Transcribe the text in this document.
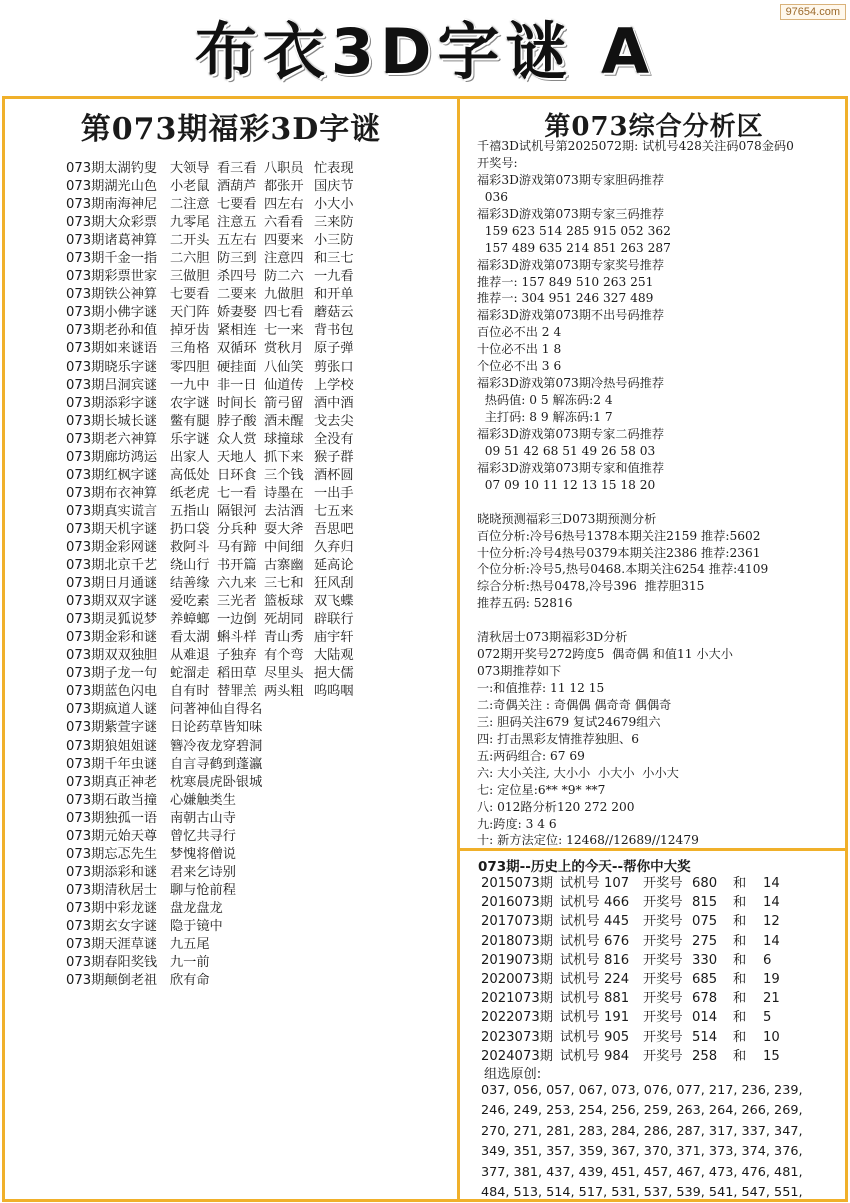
97654.com
布衣3D字谜 A
第073期福彩3D字谜
073期太湖钓叟 大领导 看三看 八职员 忙表现
073期湖光山色 小老鼠 酒葫芦 都张开 国庆节
073期南海神尼 二注意 七要看 四左右 小大小
073期大众彩票 九零尾 注意五 六看看 三来防
073期诸葛神算 二开头 五左右 四要来 小三防
073期千金一指 二六胆 防三到 注意四 和三七
073期彩票世家 三做胆 杀四号 防二六 一九看
073期铁公神算 七要看 二要来 九做胆 和开单
073期小佛字谜 天门阵 娇妻娶 四七看 蘑菇云
073期老孙和值 掉牙齿 紧相连 七一来 背书包
073期如来谜语 三角格 双循环 赏秋月 原子弹
073期晓乐字谜 零四胆 硬挂面 八仙笑 剪张口
073期吕洞宾谜 一九中 非一日 仙道传 上学校
073期添彩字谜 农字谜 时间长 箭弓留 酒中酒
073期长城长谜 鳖有腿 脖子酸 酒未醒 戈去尖
073期老六神算 乐字谜 众人赏 球撞球 全没有
073期廊坊鸿运 出家人 天地人 抓下来 猴子群
073期红枫字谜 高低处 日环食 三个钱 酒杯圆
073期布衣神算 纸老虎 七一看 诗墨在 一出手
073期真实谎言 五指山 隔银河 去沽酒 七五来
073期天机字谜 扔口袋 分兵种 耍大斧 吾思吧
073期金彩网谜 救阿斗 马有蹄 中间细 久弃归
073期北京千艺 绕山行 书开篇 古寨幽 延高论
073期日月通谜 结善缘 六九来 三七和 狂风刮
073期双双字谜 爱吃素 三光者 篮板球 双飞蝶
073期灵狐说梦 养蟑螂 一边倒 死胡同 辟联行
073期金彩和谜 看太湖 蝌斗样 青山秀 庙宇轩
073期双双独胆 从难退 子独弃 有个弯 大陆观
073期子龙一句 蛇溜走 稻田草 尽里头 挹大儒
073期蓝色闪电 自有时 替罪羔 两头粗 呜呜咽
073期疯道人谜 问著神仙自得名
073期紫萱字谜 日论药草皆知味
073期狼姐姐谜 簪冷夜龙穿碧洞
073期千年虫谜 自言寻鹤到蓬瀛
073期真正神老 枕寒晨虎卧银城
073期石敢当撞 心嫌触类生
073期独孤一语 南朝古山寺
073期元始天尊 曾忆共寻行
073期忘忑先生 梦愧将僧说
073期添彩和谜 君来乞诗别
073期清秋居士 聊与怆前程
073期中彩龙谜 盘龙盘龙
073期玄女字谜 隐于镜中
073期天涯草谜 九五尾
073期春阳奖钱 九一前
073期颠倒老祖 欣有命
第073综合分析区
千禧3D试机号第2025072期: 试机号428关注码078金码0
开奖号:
福彩3D游戏第073期专家胆码推荐
036
福彩3D游戏第073期专家三码推荐
159 623 514 285 915 052 362
157 489 635 214 851 263 287
福彩3D游戏第073期专家奖号推荐
推荐一: 157 849 510 263 251
推荐一: 304 951 246 327 489
福彩3D游戏第073期不出号码推荐
百位必不出 2 4
十位必不出 1 8
个位必不出 3 6
福彩3D游戏第073期冷热号码推荐
热码值: 0 5 解冻码:2 4
主打码: 8 9 解冻码:1 7
福彩3D游戏第073期专家二码推荐
09 51 42 68 51 49 26 58 03
福彩3D游戏第073期专家和值推荐
07 09 10 11 12 13 15 18 20
晓晓预测福彩三D073期预测分析
百位分析:冷号6热号1378本期关注2159 推荐:5602
十位分析:冷号4热号0379本期关注2386 推荐:2361
个位分析:冷号5,热号0468.本期关注6254 推荐:4109
综合分析:热号0478,冷号396  推荐胆315
推荐五码: 52816
清秋居士073期福彩3D分析
072期开奖号272跨度5  偶奇偶 和值11 小大小
073期推荐如下
一:和值推荐: 11 12 15
二:奇偶关注 : 奇偶偶 偶奇奇 偶偶奇
三: 胆码关注679 复试24679组六
四: 打击黑彩友情推荐独胆、6
五:两码组合: 67 69
六: 大小关注, 大小小  小大小  小小大
七: 定位星:6** *9* **7
八: 012路分析120 272 200
九:跨度: 3 4 6
十: 新方法定位: 12468//12689//12479
073期--历史上的今天--帮你中大奖
2015073期 试机号 107 开奖号 680 和 14
2016073期 试机号 466 开奖号 815 和 14
2017073期 试机号 445 开奖号 075 和 12
2018073期 试机号 676 开奖号 275 和 14
2019073期 试机号 816 开奖号 330 和 6
2020073期 试机号 224 开奖号 685 和 19
2021073期 试机号 881 开奖号 678 和 21
2022073期 试机号 191 开奖号 014 和 5
2023073期 试机号 905 开奖号 514 和 10
2024073期 试机号 984 开奖号 258 和 15
组选原创:
037, 056, 057, 067, 073, 076, 077, 217, 236, 239,
246, 249, 253, 254, 256, 259, 263, 264, 266, 269,
270, 271, 281, 283, 284, 286, 287, 317, 337, 347,
349, 351, 357, 359, 367, 370, 371, 373, 374, 376,
377, 381, 437, 439, 451, 457, 467, 473, 476, 481,
484, 513, 514, 517, 531, 537, 539, 541, 547, 551,
